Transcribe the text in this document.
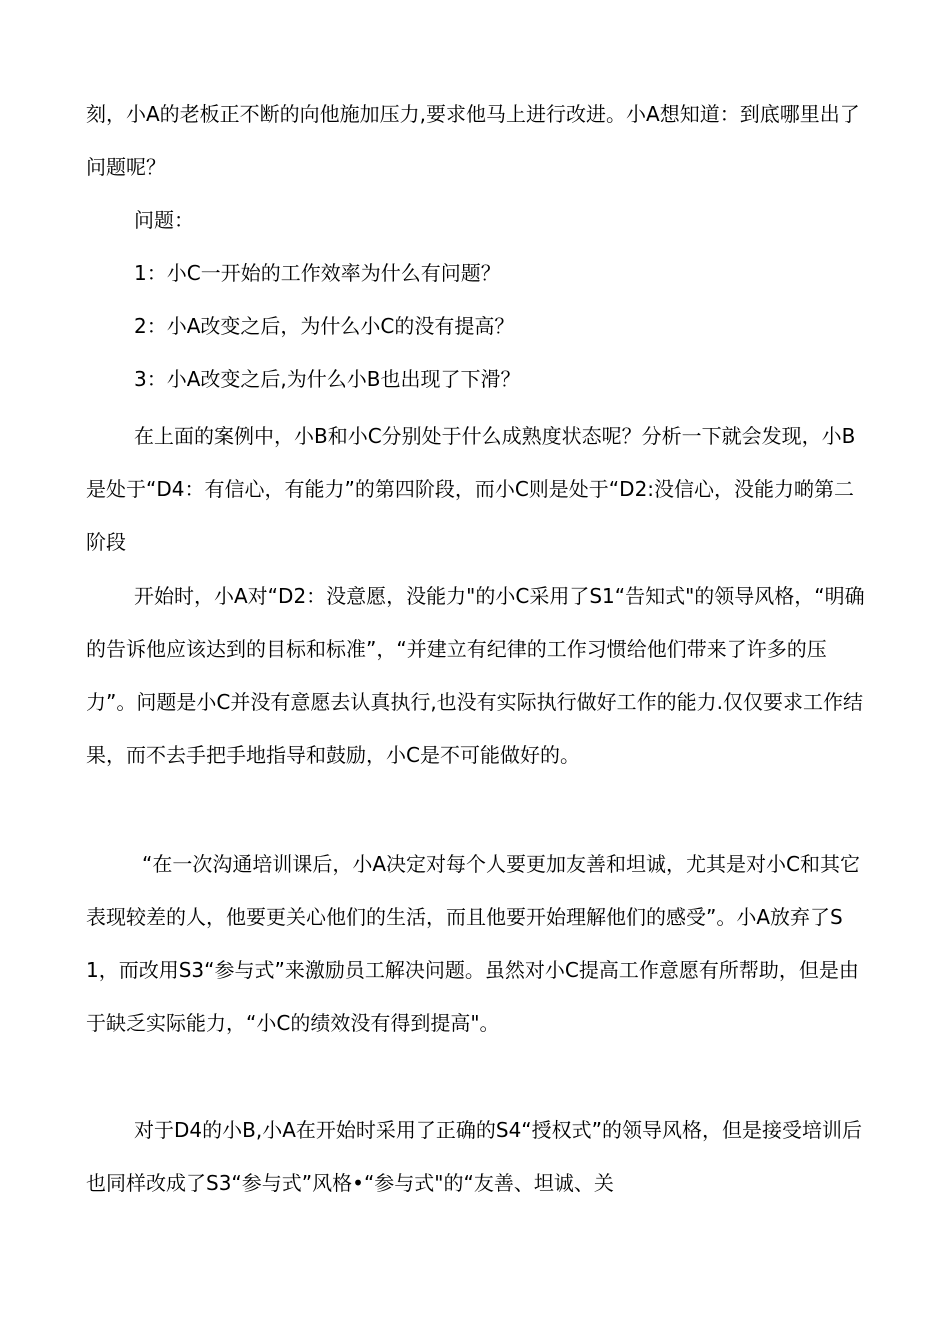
刻，小A的老板正不断的向他施加压力,要求他马上进行改进。小A想知道：到底哪里出了问题呢？

问题：

1：小C一开始的工作效率为什么有问题？

2：小A改变之后，为什么小C的没有提高？

3：小A改变之后,为什么小B也出现了下滑？

在上面的案例中，小B和小C分别处于什么成熟度状态呢？分析一下就会发现，小B是处于“D4：有信心，有能力”的第四阶段，而小C则是处于“D2:没信心，没能力啲第二阶段

开始时，小A对“D2：没意愿，没能力"的小C采用了S1“告知式"的领导风格，“明确的告诉他应该达到的目标和标准”，“并建立有纪律的工作习惯给他们带来了许多的压力”。问题是小C并没有意愿去认真执行,也没有实际执行做好工作的能力.仅仅要求工作结果，而不去手把手地指导和鼓励，小C是不可能做好的。

“在一次沟通培训课后，小A决定对每个人要更加友善和坦诚，尤其是对小C和其它表现较差的人，他要更关心他们的生活，而且他要开始理解他们的感受”。小A放弃了S1，而改用S3“参与式”来激励员工解决问题。虽然对小C提高工作意愿有所帮助，但是由于缺乏实际能力，“小C的绩效没有得到提高"。

对于D4的小B,小A在开始时采用了正确的S4“授权式”的领导风格，但是接受培训后也同样改成了S3“参与式”风格•“参与式"的“友善、坦诚、关
